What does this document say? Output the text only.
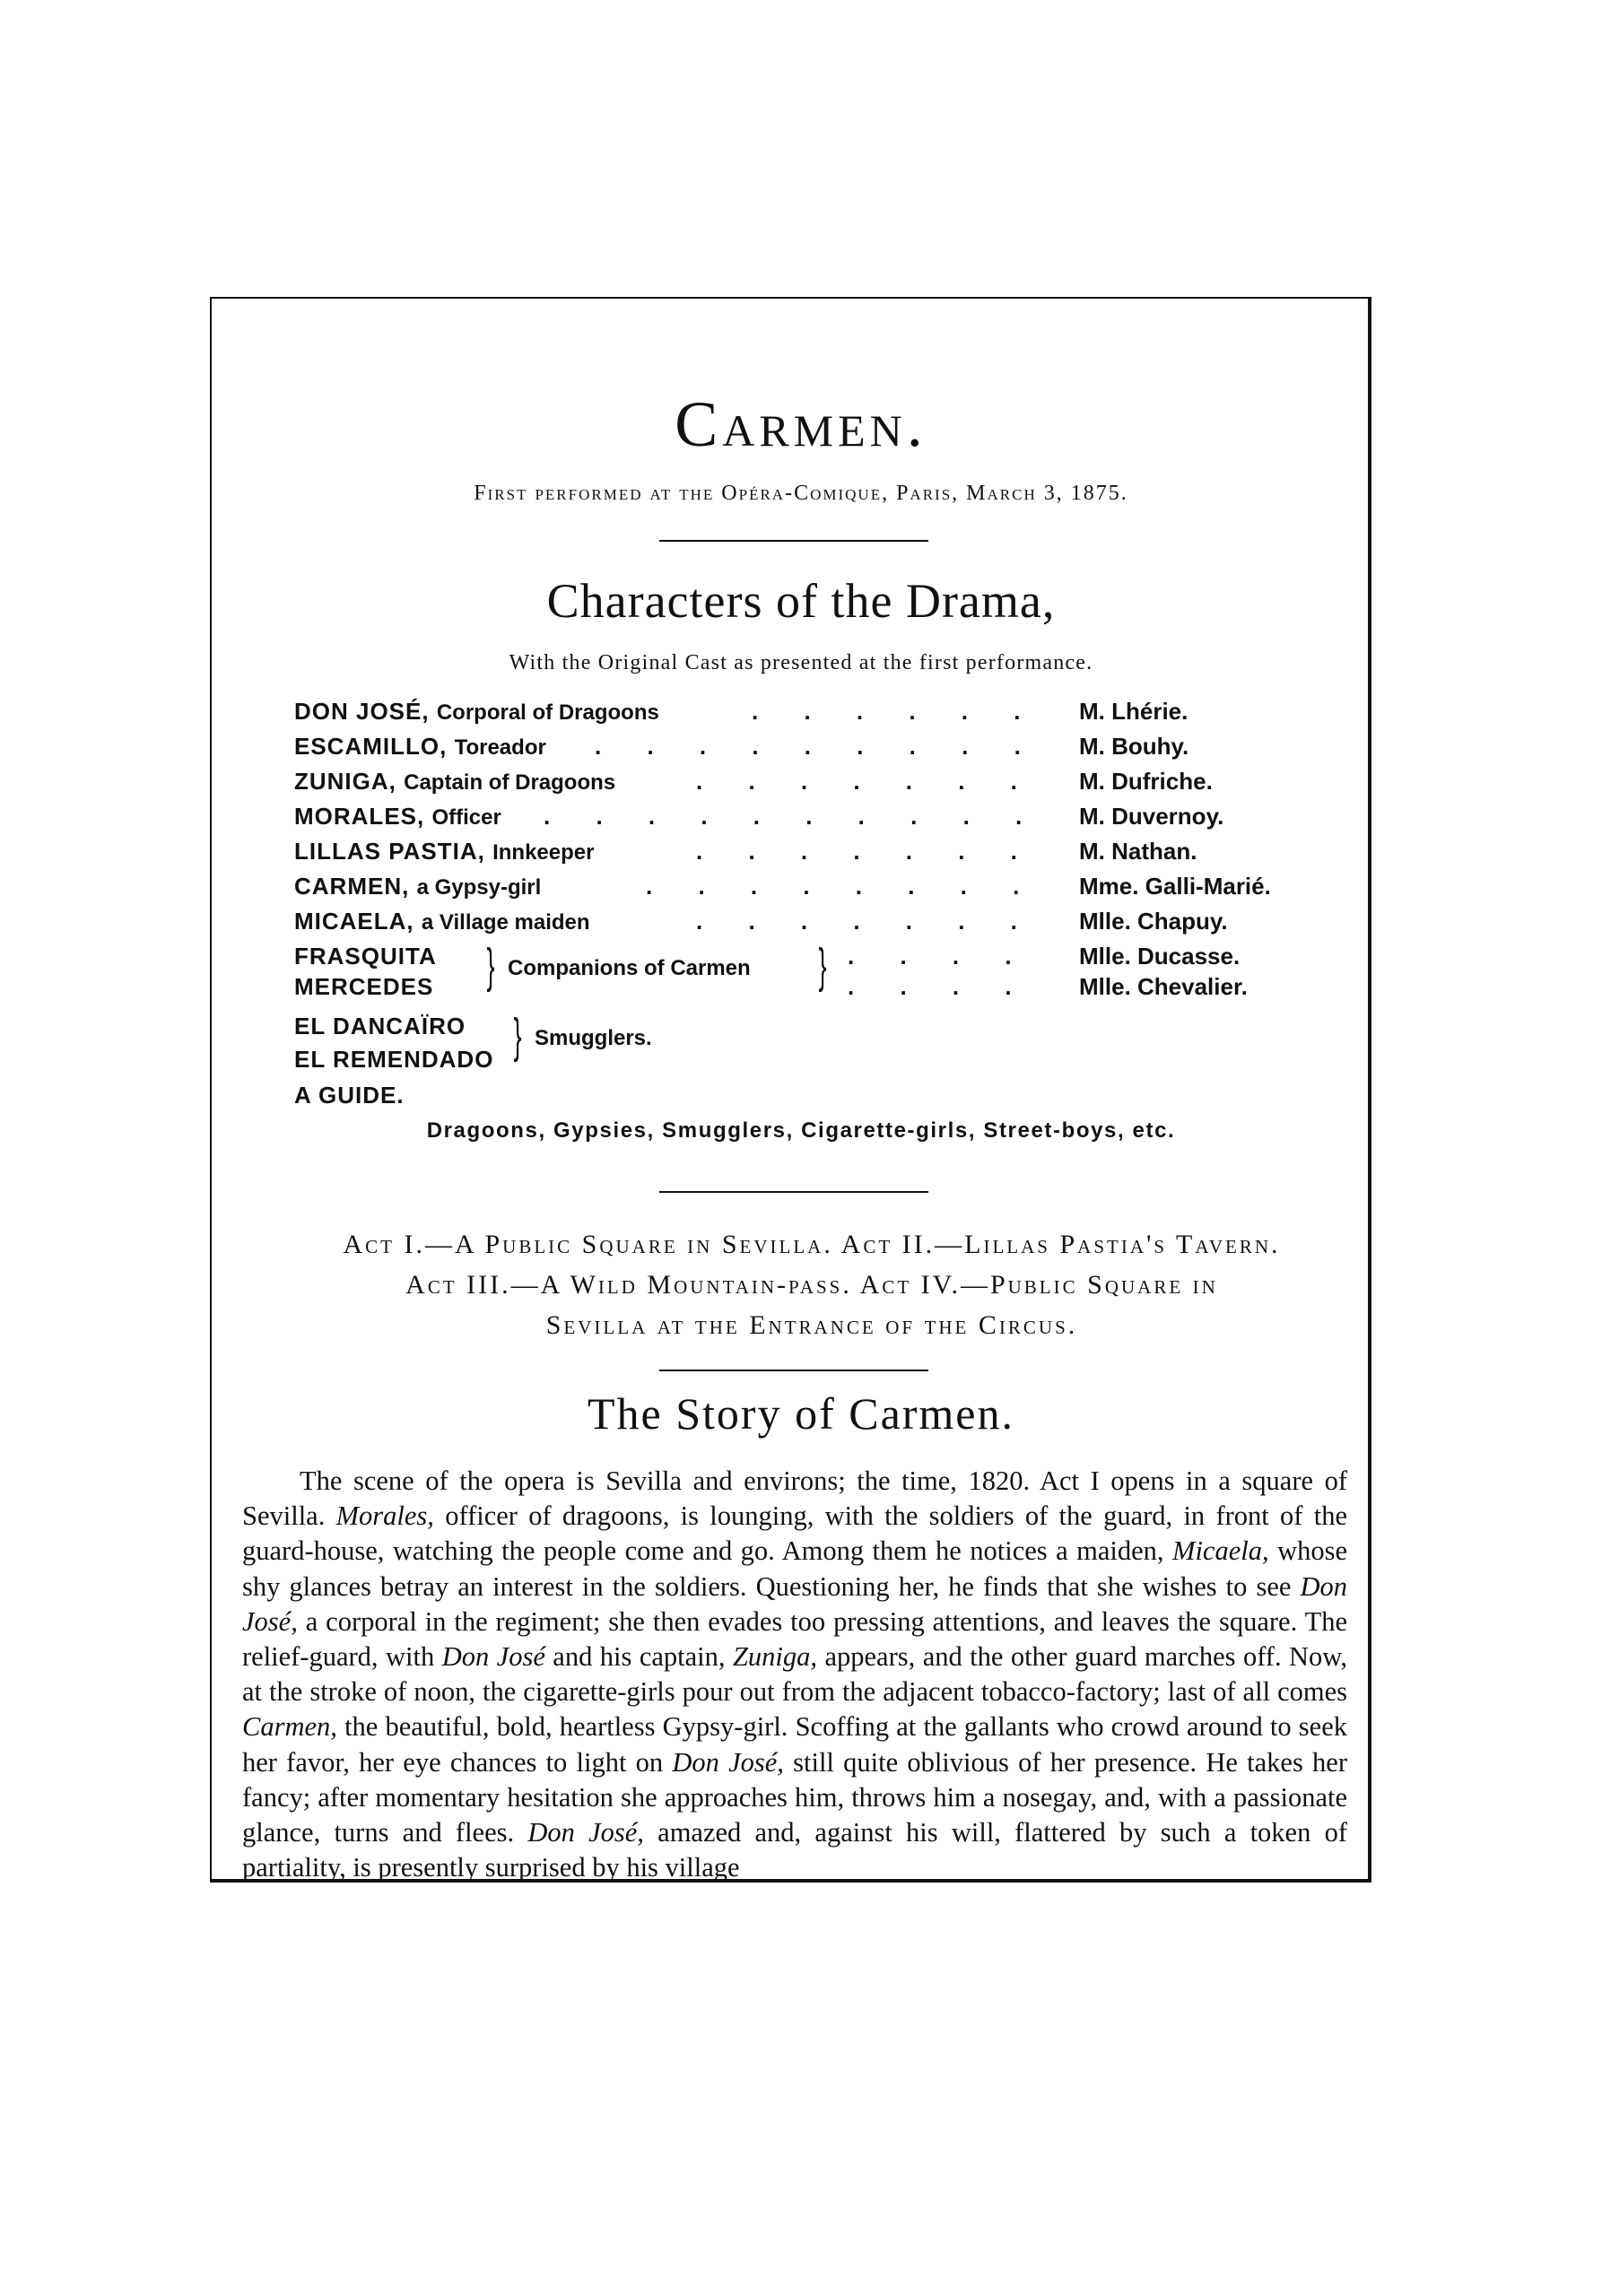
Carmen.
First performed at the Opéra-Comique, Paris, March 3, 1875.
Characters of the Drama,
With the Original Cast as presented at the first performance.
DON JOSÉ, Corporal of Dragoons	. . . . . .	M. Lhérie.
ESCAMILLO, Toreador . . . . . . . . .	M. Bouhy.
ZUNIGA, Captain of Dragoons	. . . . . . .	M. Dufriche.
MORALES, Officer . . . . . . . . . .	M. Duvernoy.
LILLAS PASTIA, Innkeeper	. . . . . . .	M. Nathan.
CARMEN, a Gypsy-girl	. . . . . . . .	Mme. Galli-Marié.
MICAELA, a Village maiden	. . . . . . .	Mlle. Chapuy.
FRASQUITA	. . . .	Mlle. Ducasse.
MERCEDES	. . . .	Mlle. Chevalier.
EL DANCAÏRO
EL REMENDADO
A GUIDE.
} Companions of Carmen }
} Smugglers.
Dragoons, Gypsies, Smugglers, Cigarette-girls, Street-boys, etc.
Act I.—A Public Square in Sevilla. Act II.—Lillas Pastia's Tavern.
Act III.—A Wild Mountain-pass. Act IV.—Public Square in
Sevilla at the Entrance of the Circus.
The Story of Carmen.
The scene of the opera is Sevilla and environs; the time, 1820. Act I opens in a square of Sevilla. Morales, officer of dragoons, is lounging, with the soldiers of the guard, in front of the guard-house, watching the people come and go. Among them he notices a maiden, Micaela, whose shy glances betray an interest in the soldiers. Questioning her, he finds that she wishes to see Don José, a corporal in the regiment; she then evades too pressing attentions, and leaves the square. The relief-guard, with Don José and his captain, Zuniga, appears, and the other guard marches off. Now, at the stroke of noon, the cigarette-girls pour out from the adjacent tobacco-factory; last of all comes Carmen, the beautiful, bold, heartless Gypsy-girl. Scoffing at the gallants who crowd around to seek her favor, her eye chances to light on Don José, still quite oblivious of her presence. He takes her fancy; after momentary hesitation she approaches him, throws him a nosegay, and, with a passionate glance, turns and flees. Don José, amazed and, against his will, flattered by such a token of partiality, is presently surprised by his village
